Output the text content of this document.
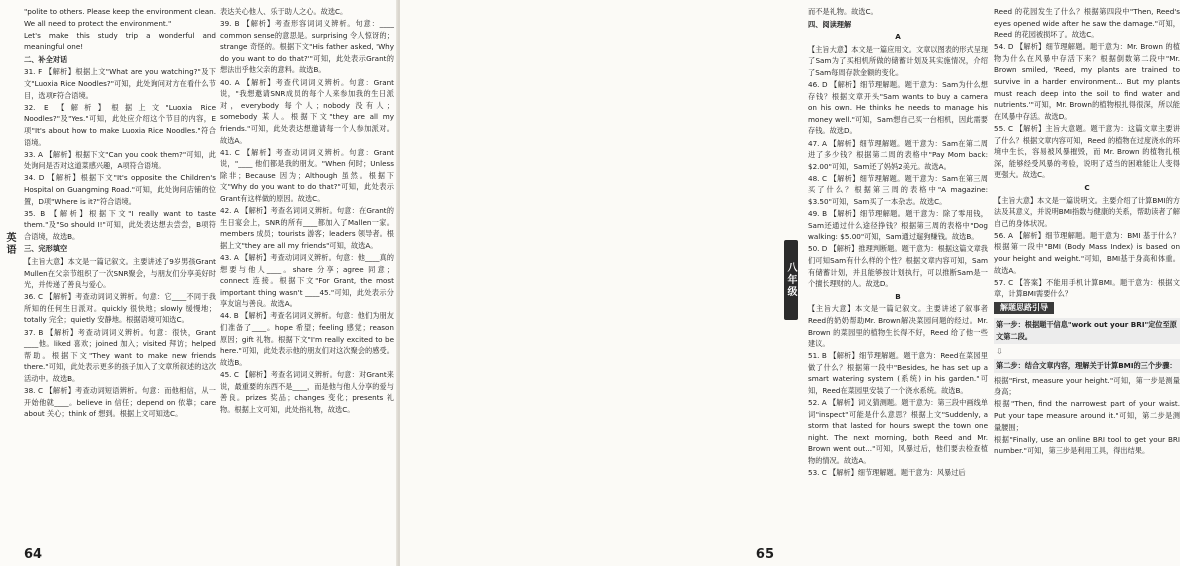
"polite to others. Please keep the environment clean. We all need to protect the environment."
Let's make this study trip a wonderful and meaningful one!
二、补全对话
31. F 【解析】根据上文"What are you watching?"及下文"Luoxia Rice Noodles?"可知，此处询问对方在看什么节目，选项F符合语境。
32. E 【解析】根据上文"Luoxia Rice Noodles?"及"Yes."可知，此处应介绍这个节目的内容，E项"It's about how to make Luoxia Rice Noodles."符合语境。
33. A 【解析】根据下文"Can you cook them?"可知，此处询问是否对这道菜感兴趣，A项符合语境。
34. D 【解析】根据下文"It's opposite the Children's Hospital on Guangming Road."可知，此处询问店铺的位置，D项"Where is it?"符合语境。
35. B 【解析】根据下文"I really want to taste them."及"So should I!"可知，此处表达想去尝尝，B项符合语境，故选B。
三、完形填空
【主旨大意】本文是一篇记叙文。主要讲述了9岁男孩Grant Mullen在父亲节组织了一次SNR聚会，与朋友们分享美好时光，并传递了善良与爱心。
36. C 【解析】考查动词词义辨析。句意：它____不同于我所知的任何生日派对。quickly 很快地；slowly 缓慢地；totally 完全；quietly 安静地。根据语境可知选C。
37. B 【解析】考查动词词义辨析。句意：很快，Grant ____他。liked 喜欢；joined 加入；visited 拜访；helped 帮助。根据下文"They want to make new friends there."可知，此处表示更多的孩子加入了文章所叙述的这次活动中。故选B。
38. C 【解析】考查动词短语辨析。句意：而他相信，从一开始他就____。believe in 信任；depend on 依靠；care about 关心；think of 想到。根据上文可知选C。
表达关心他人、乐于助人之心。故选C。
39. B 【解析】考查形容词词义辨析。句意：____ common sense的意思是。surprising 令人惊讶的；strange 奇怪的。根据下文"His father asked, 'Why do you want to do that?'"可知，此处表示Grant的想法出乎他父亲的意料。故选B。
40. A 【解析】考查代词词义辨析。句意：Grant说，"我想邀请SNR成员的每个人来参加我的生日派对，everybody 每个人；nobody 没有人；somebody 某人。根据下文"they are all my friends."可知，此处表达想邀请每一个人参加派对。故选A。
41. C 【解析】考查动词词义辨析。句意：Grant 说，"____ 他们都是我的朋友。"When 何时；Unless 除非；Because 因为；Although 虽然。根据下文"Why do you want to do that?"可知，此处表示Grant有这样做的原因。故选C。
42. A 【解析】考查名词词义辨析。句意：在Grant的生日宴会上，SNR的所有____都加入了Mallen一家。members 成员；tourists 游客；leaders 领导者。根据上文"they are all my friends"可知，故选A。
43. A 【解析】考查动词词义辨析。句意：他____真的想要与他人____。share 分享；agree 同意；connect 连接。根据下文"For Grant, the most important thing wasn't ____45."可知，此处表示分享友谊与善良。故选A。
44. B 【解析】考查名词词义辨析。句意：他们为朋友们准备了____。hope 希望；feeling 感觉；reason 原因；gift 礼物。根据下文"I'm really excited to be here."可知，此处表示他的朋友们对这次聚会的感受。故选B。
45. C 【解析】考查名词词义辨析。句意：对Grant来说，最重要的东西不是____，而是他与他人分享的爱与善良。prizes 奖品；changes 变化；presents 礼物。根据上文可知，此处指礼物，故选C。
英语
64
而不是礼物。故选C。
四、阅读理解
A
【主旨大意】本文是一篇应用文。文章以图表的形式呈现了Sam为了买相机所做的储蓄计划及其实施情况，介绍了Sam每周存款金额的变化。
46. D 【解析】细节理解题。题干意为：Sam为什么想存钱？根据文章开头"Sam wants to buy a camera on his own. He thinks he needs to manage his money well."可知，Sam想自己买一台相机，因此需要存钱。故选D。
47. A 【解析】细节理解题。题干意为：Sam在第二周进了多少钱？根据第二周的表格中"Pay Mom back: $2.00"可知，Sam还了妈妈2美元。故选A。
48. C 【解析】细节理解题。题干意为：Sam在第三周买了什么？根据第三周的表格中"A magazine: $3.50"可知，Sam买了一本杂志。故选C。
49. B 【解析】细节理解题。题干意为：除了零用钱，Sam还通过什么途径挣钱？根据第三周的表格中"Dog walking: $5.00"可知，Sam通过遛狗赚钱。故选B。
50. D 【解析】推理判断题。题干意为：根据这篇文章我们可知Sam有什么样的个性？根据文章内容可知，Sam有储蓄计划，并且能够按计划执行，可以推断Sam是一个擅长理财的人。故选D。
B
【主旨大意】本文是一篇记叙文。主要讲述了叙事者Reed的奶奶帮助Mr. Brown解决菜园问题的经过。Mr. Brown 的菜园里的植物生长得不好，Reed 给了他一些建议。
51. B 【解析】细节理解题。题干意为：Reed在菜园里做了什么？根据第一段中"Besides, he has set up a smart watering system (系统) in his garden."可知，Reed在菜园里安装了一个浇水系统。故选B。
52. A 【解析】词义猜测题。题干意为：第三段中画线单词"inspect"可能是什么意思？根据上文"Suddenly, a storm that lasted for hours swept the town one night. The next morning, both Reed and Mr. Brown went out..."可知，风暴过后，他们要去检查植物的情况。故选A。
53. C 【解析】细节理解题。题干意为：风暴过后
Reed 的花园发生了什么？根据第四段中"Then, Reed's eyes opened wide after he saw the damage."可知，Reed 的花园被损坏了。故选C。
54. D 【解析】细节理解题。题干意为：Mr. Brown 的植物为什么在风暴中存活下来？根据倒数第二段中"Mr. Brown smiled, 'Reed, my plants are trained to survive in a harder environment... But my plants must reach deep into the soil to find water and nutrients.'"可知，Mr. Brown的植物根扎得很深，所以能在风暴中存活。故选D。
55. C 【解析】主旨大意题。题干意为：这篇文章主要讲了什么？根据文章内容可知，Reed 的植物在过度浇水的环境中生长，容易被风暴摧毁，而 Mr. Brown 的植物扎根深，能够经受风暴的考验，说明了适当的困难能让人变得更强大。故选C。
C
【主旨大意】本文是一篇说明文。主要介绍了计算BMI的方法及其意义，并说明BMI指数与健康的关系，帮助读者了解自己的身体状况。
56. A 【解析】细节理解题。题干意为：BMI 基于什么？根据第一段中"BMI (Body Mass Index) is based on your height and weight."可知，BMI基于身高和体重。故选A。
57. C 【答案】不能用手机计算BMI。题干意为：根据文章，计算BMI需要什么？
解题思路引导
第一步：根据题干信息"work out your BRI"定位至原文第二段。
⇩
第二步：结合文章内容，理解关于计算BMI的三个步骤：
根据"First, measure your height."可知，第一步是测量身高；
根据"Then, find the narrowest part of your waist. Put your tape measure around it."可知，第二步是测量腰围；
根据"Finally, use an online BRI tool to get your BRI number."可知，第三步是利用工具，得出结果。
八年级
65
